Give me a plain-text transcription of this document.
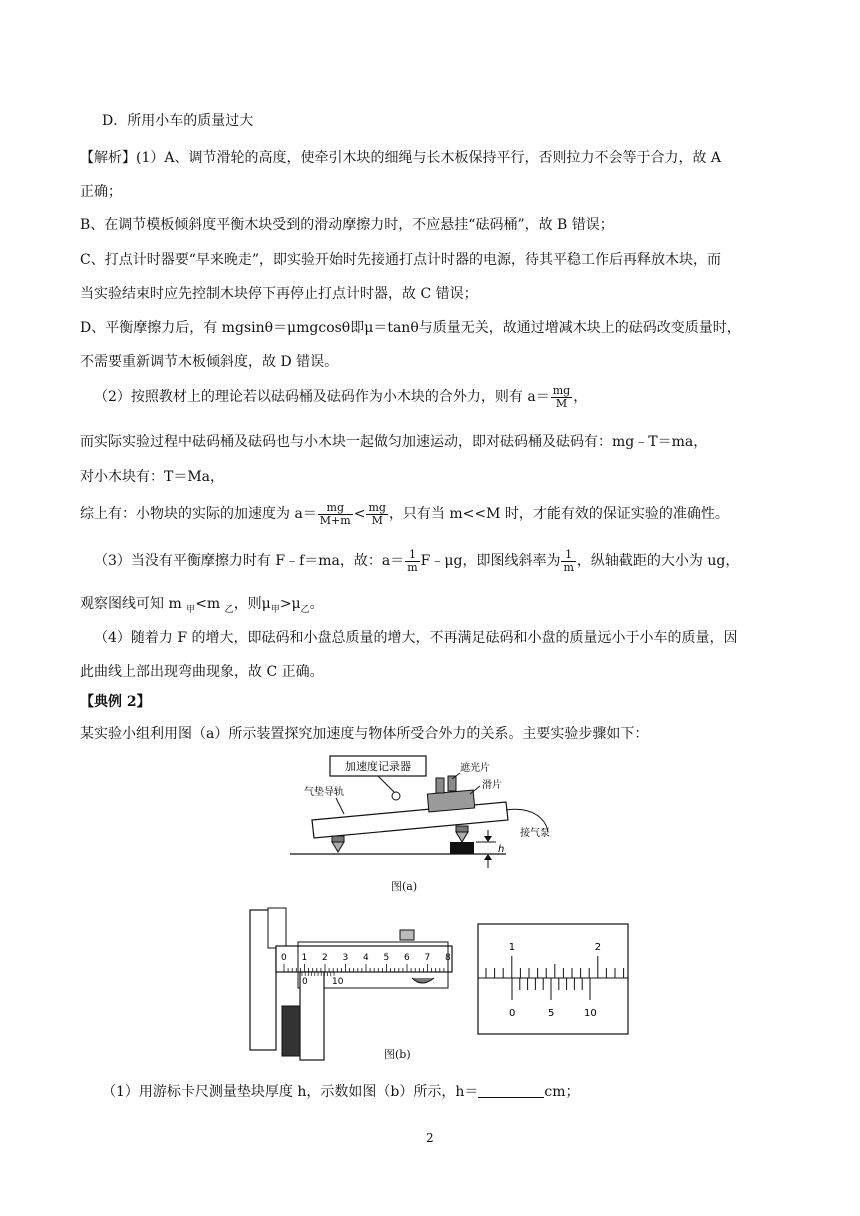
D．所用小车的质量过大
【解析】(1）A、调节滑轮的高度，使牵引木块的细绳与长木板保持平行，否则拉力不会等于合力，故 A
正确；
B、在调节模板倾斜度平衡木块受到的滑动摩擦力时，不应悬挂“砝码桶”，故 B 错误；
C、打点计时器要“早来晚走”，即实验开始时先接通打点计时器的电源，待其平稳工作后再释放木块，而
当实验结束时应先控制木块停下再停止打点计时器，故 C 错误；
D、平衡摩擦力后，有 mgsinθ＝μmgcosθ即μ＝tanθ与质量无关，故通过增减木块上的砝码改变质量时，
不需要重新调节木板倾斜度，故 D 错误。
（2）按照教材上的理论若以砝码桶及砝码作为小木块的合外力，则有 $a= \frac{mg}{M}$ ，
而实际实验过程中砝码桶及砝码也与小木块一起做匀加速运动，即对砝码桶及砝码有：mg﹣T＝ma，
对小木块有：T＝Ma，
综上有：小物块的实际的加速度为 $a= \frac{mg}{M+m} < \frac{mg}{M}$ ，只有当 m<<M 时，才能有效的保证实验的准确性。
（3）当没有平衡摩擦力时有 F﹣f＝ma，故：$a= \frac{1}{m}$ F﹣μg，即图线斜率为 $\frac{1}{m}$ ，纵轴截距的大小为 ug，
观察图线可知 m $_甲$<m $_乙$，则$\mu_甲>\mu_乙$。
（4）随着力 F 的增大，即砝码和小盘总质量的增大，不再满足砝码和小盘的质量远小于小车的质量，因
此曲线上部出现弯曲现象，故 C 正确。
【典例 2】
某实验小组利用图（a）所示装置探究加速度与物体所受合外力的关系。主要实验步骤如下：
加速度记录器	遮光片
滑片
气垫导轨
接气泵
h
图(a)
0 1 2 3 4 5 6 7 8
0	10
1	2
0	5	10
图(b)
（1）用游标卡尺测量垫块厚度 h，示数如图（b）所示，h＝	cm；
2
